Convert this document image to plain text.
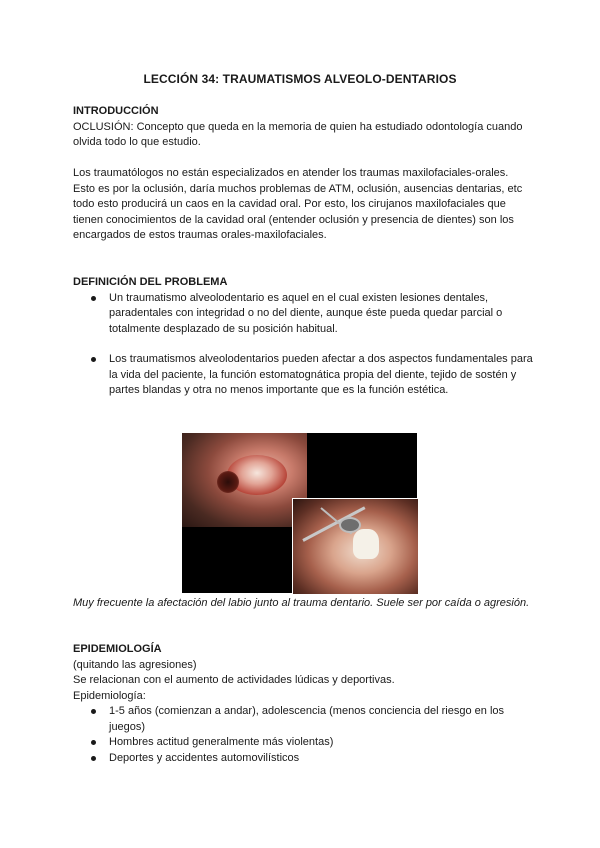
LECCIÓN 34: TRAUMATISMOS ALVEOLO-DENTARIOS
INTRODUCCIÓN

OCLUSIÓN: Concepto que queda en la memoria de quien ha estudiado odontología cuando olvida todo lo que estudio.

Los traumatólogos no están especializados en atender los traumas maxilofaciales-orales. Esto es por la oclusión, daría muchos problemas de ATM, oclusión, ausencias dentarias, etc todo esto producirá un caos en la cavidad oral. Por esto, los cirujanos maxilofaciales que tienen conocimientos de la cavidad oral (entender oclusión y presencia de dientes) son los encargados de estos traumas orales-maxilofaciales.

DEFINICIÓN DEL PROBLEMA
Un traumatismo alveolodentario es aquel en el cual existen lesiones dentales, paradentales con integridad o no del diente, aunque éste pueda quedar parcial o totalmente desplazado de su posición habitual.
Los traumatismos alveolodentarios pueden afectar a dos aspectos fundamentales para la vida del paciente, la función estomatognática propia del diente, tejido de sostén y partes blandas y otra no menos importante que es la función estética.

Muy frecuente la afectación del labio junto al trauma dentario. Suele ser por caída o agresión.

EPIDEMIOLOGÍA

(quitando las agresiones)

Se relacionan con el aumento de actividades lúdicas y deportivas.

Epidemiología:

1-5 años (comienzan a andar), adolescencia (menos conciencia del riesgo en los juegos)
Hombres actitud generalmente más violentas)
Deportes y accidentes automovilísticos
